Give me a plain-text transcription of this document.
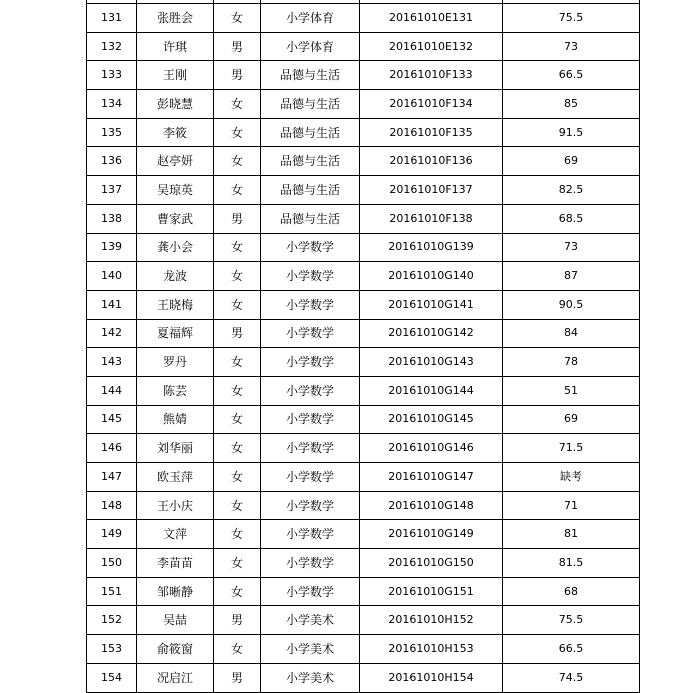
131	张胜会	女	小学体育	20161010E131	75.5
132	许琪	男	小学体育	20161010E132	73
133	王刚	男	品德与生活	20161010F133	66.5
134	彭晓慧	女	品德与生活	20161010F134	85
135	李筱	女	品德与生活	20161010F135	91.5
136	赵亭妍	女	品德与生活	20161010F136	69
137	吴琼英	女	品德与生活	20161010F137	82.5
138	曹家武	男	品德与生活	20161010F138	68.5
139	龚小会	女	小学数学	20161010G139	73
140	龙波	女	小学数学	20161010G140	87
141	王晓梅	女	小学数学	20161010G141	90.5
142	夏福辉	男	小学数学	20161010G142	84
143	罗丹	女	小学数学	20161010G143	78
144	陈芸	女	小学数学	20161010G144	51
145	熊婧	女	小学数学	20161010G145	69
146	刘华丽	女	小学数学	20161010G146	71.5
147	欧玉萍	女	小学数学	20161010G147	缺考
148	王小庆	女	小学数学	20161010G148	71
149	文萍	女	小学数学	20161010G149	81
150	李苗苗	女	小学数学	20161010G150	81.5
151	邹晰静	女	小学数学	20161010G151	68
152	吴喆	男	小学美术	20161010H152	75.5
153	俞筱窗	女	小学美术	20161010H153	66.5
154	况启江	男	小学美术	20161010H154	74.5
